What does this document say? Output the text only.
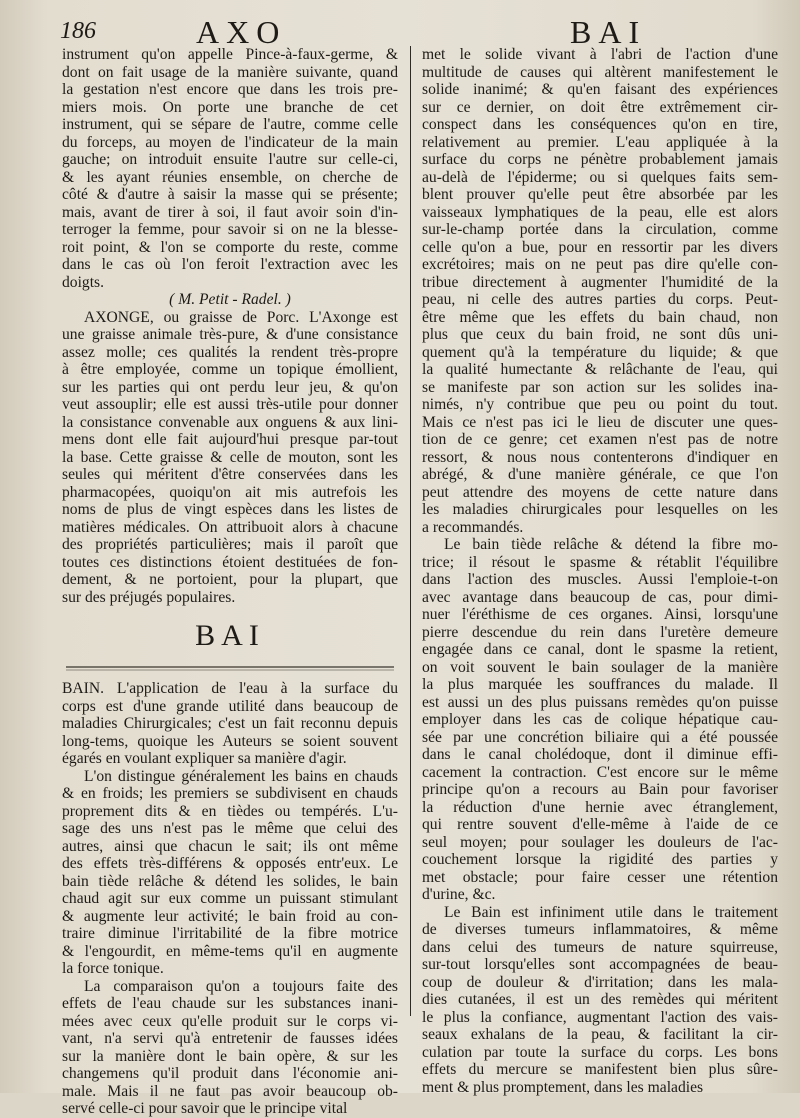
186	AXO	BAI
instrument qu'on appelle Pince-à-faux-germe, &
dont on fait usage de la manière suivante, quand
la gestation n'est encore que dans les trois pre-
miers mois. On porte une branche de cet
instrument, qui se sépare de l'autre, comme celle
du forceps, au moyen de l'indicateur de la main
gauche; on introduit ensuite l'autre sur celle-ci,
& les ayant réunies ensemble, on cherche de
côté & d'autre à saisir la masse qui se présente;
mais, avant de tirer à soi, il faut avoir soin d'in-
terroger la femme, pour savoir si on ne la blesse-
roit point, & l'on se comporte du reste, comme
dans le cas où l'on feroit l'extraction avec les
doigts.
( M. Petit - Radel. )
AXONGE, ou graisse de Porc. L'Axonge est
une graisse animale très-pure, & d'une consistance
assez molle; ces qualités la rendent très-propre
à être employée, comme un topique émollient,
sur les parties qui ont perdu leur jeu, & qu'on
veut assouplir; elle est aussi très-utile pour donner
la consistance convenable aux onguens & aux lini-
mens dont elle fait aujourd'hui presque par-tout
la base. Cette graisse & celle de mouton, sont les
seules qui méritent d'être conservées dans les
pharmacopées, quoiqu'on ait mis autrefois les
noms de plus de vingt espèces dans les listes de
matières médicales. On attribuoit alors à chacune
des propriétés particulières; mais il paroît que
toutes ces distinctions étoient destituées de fon-
dement, & ne portoient, pour la plupart, que
sur des préjugés populaires.
BAI
BAIN. L'application de l'eau à la surface du
corps est d'une grande utilité dans beaucoup de
maladies Chirurgicales; c'est un fait reconnu depuis
long-tems, quoique les Auteurs se soient souvent
égarés en voulant expliquer sa manière d'agir.
L'on distingue généralement les bains en chauds
& en froids; les premiers se subdivisent en chauds
proprement dits & en tièdes ou tempérés. L'u-
sage des uns n'est pas le même que celui des
autres, ainsi que chacun le sait; ils ont même
des effets très-différens & opposés entr'eux. Le
bain tiède relâche & détend les solides, le bain
chaud agit sur eux comme un puissant stimulant
& augmente leur activité; le bain froid au con-
traire diminue l'irritabilité de la fibre motrice
& l'engourdit, en même-tems qu'il en augmente
la force tonique.
La comparaison qu'on a toujours faite des
effets de l'eau chaude sur les substances inani-
mées avec ceux qu'elle produit sur le corps vi-
vant, n'a servi qu'à entretenir de fausses idées
sur la manière dont le bain opère, & sur les
changemens qu'il produit dans l'économie ani-
male. Mais il ne faut pas avoir beaucoup ob-
servé celle-ci pour savoir que le principe vital
met le solide vivant à l'abri de l'action d'une
multitude de causes qui altèrent manifestement le
solide inanimé; & qu'en faisant des expériences
sur ce dernier, on doit être extrêmement cir-
conspect dans les conséquences qu'on en tire,
relativement au premier. L'eau appliquée à la
surface du corps ne pénètre probablement jamais
au-delà de l'épiderme; ou si quelques faits sem-
blent prouver qu'elle peut être absorbée par les
vaisseaux lymphatiques de la peau, elle est alors
sur-le-champ portée dans la circulation, comme
celle qu'on a bue, pour en ressortir par les divers
excrétoires; mais on ne peut pas dire qu'elle con-
tribue directement à augmenter l'humidité de la
peau, ni celle des autres parties du corps. Peut-
être même que les effets du bain chaud, non
plus que ceux du bain froid, ne sont dûs uni-
quement qu'à la température du liquide; & que
la qualité humectante & relâchante de l'eau, qui
se manifeste par son action sur les solides ina-
nimés, n'y contribue que peu ou point du tout.
Mais ce n'est pas ici le lieu de discuter une ques-
tion de ce genre; cet examen n'est pas de notre
ressort, & nous nous contenterons d'indiquer en
abrégé, & d'une manière générale, ce que l'on
peut attendre des moyens de cette nature dans
les maladies chirurgicales pour lesquelles on les
a recommandés.
Le bain tiède relâche & détend la fibre mo-
trice; il résout le spasme & rétablit l'équilibre
dans l'action des muscles. Aussi l'emploie-t-on
avec avantage dans beaucoup de cas, pour dimi-
nuer l'éréthisme de ces organes. Ainsi, lorsqu'une
pierre descendue du rein dans l'uretère demeure
engagée dans ce canal, dont le spasme la retient,
on voit souvent le bain soulager de la manière
la plus marquée les souffrances du malade. Il
est aussi un des plus puissans remèdes qu'on puisse
employer dans les cas de colique hépatique cau-
sée par une concrétion biliaire qui a été poussée
dans le canal cholédoque, dont il diminue effi-
cacement la contraction. C'est encore sur le même
principe qu'on a recours au Bain pour favoriser
la réduction d'une hernie avec étranglement,
qui rentre souvent d'elle-même à l'aide de ce
seul moyen; pour soulager les douleurs de l'ac-
couchement lorsque la rigidité des parties y
met obstacle; pour faire cesser une rétention
d'urine, &c.
Le Bain est infiniment utile dans le traitement
de diverses tumeurs inflammatoires, & même
dans celui des tumeurs de nature squirreuse,
sur-tout lorsqu'elles sont accompagnées de beau-
coup de douleur & d'irritation; dans les mala-
dies cutanées, il est un des remèdes qui méritent
le plus la confiance, augmentant l'action des vais-
seaux exhalans de la peau, & facilitant la cir-
culation par toute la surface du corps. Les bons
effets du mercure se manifestent bien plus sûre-
ment & plus promptement, dans les maladies
